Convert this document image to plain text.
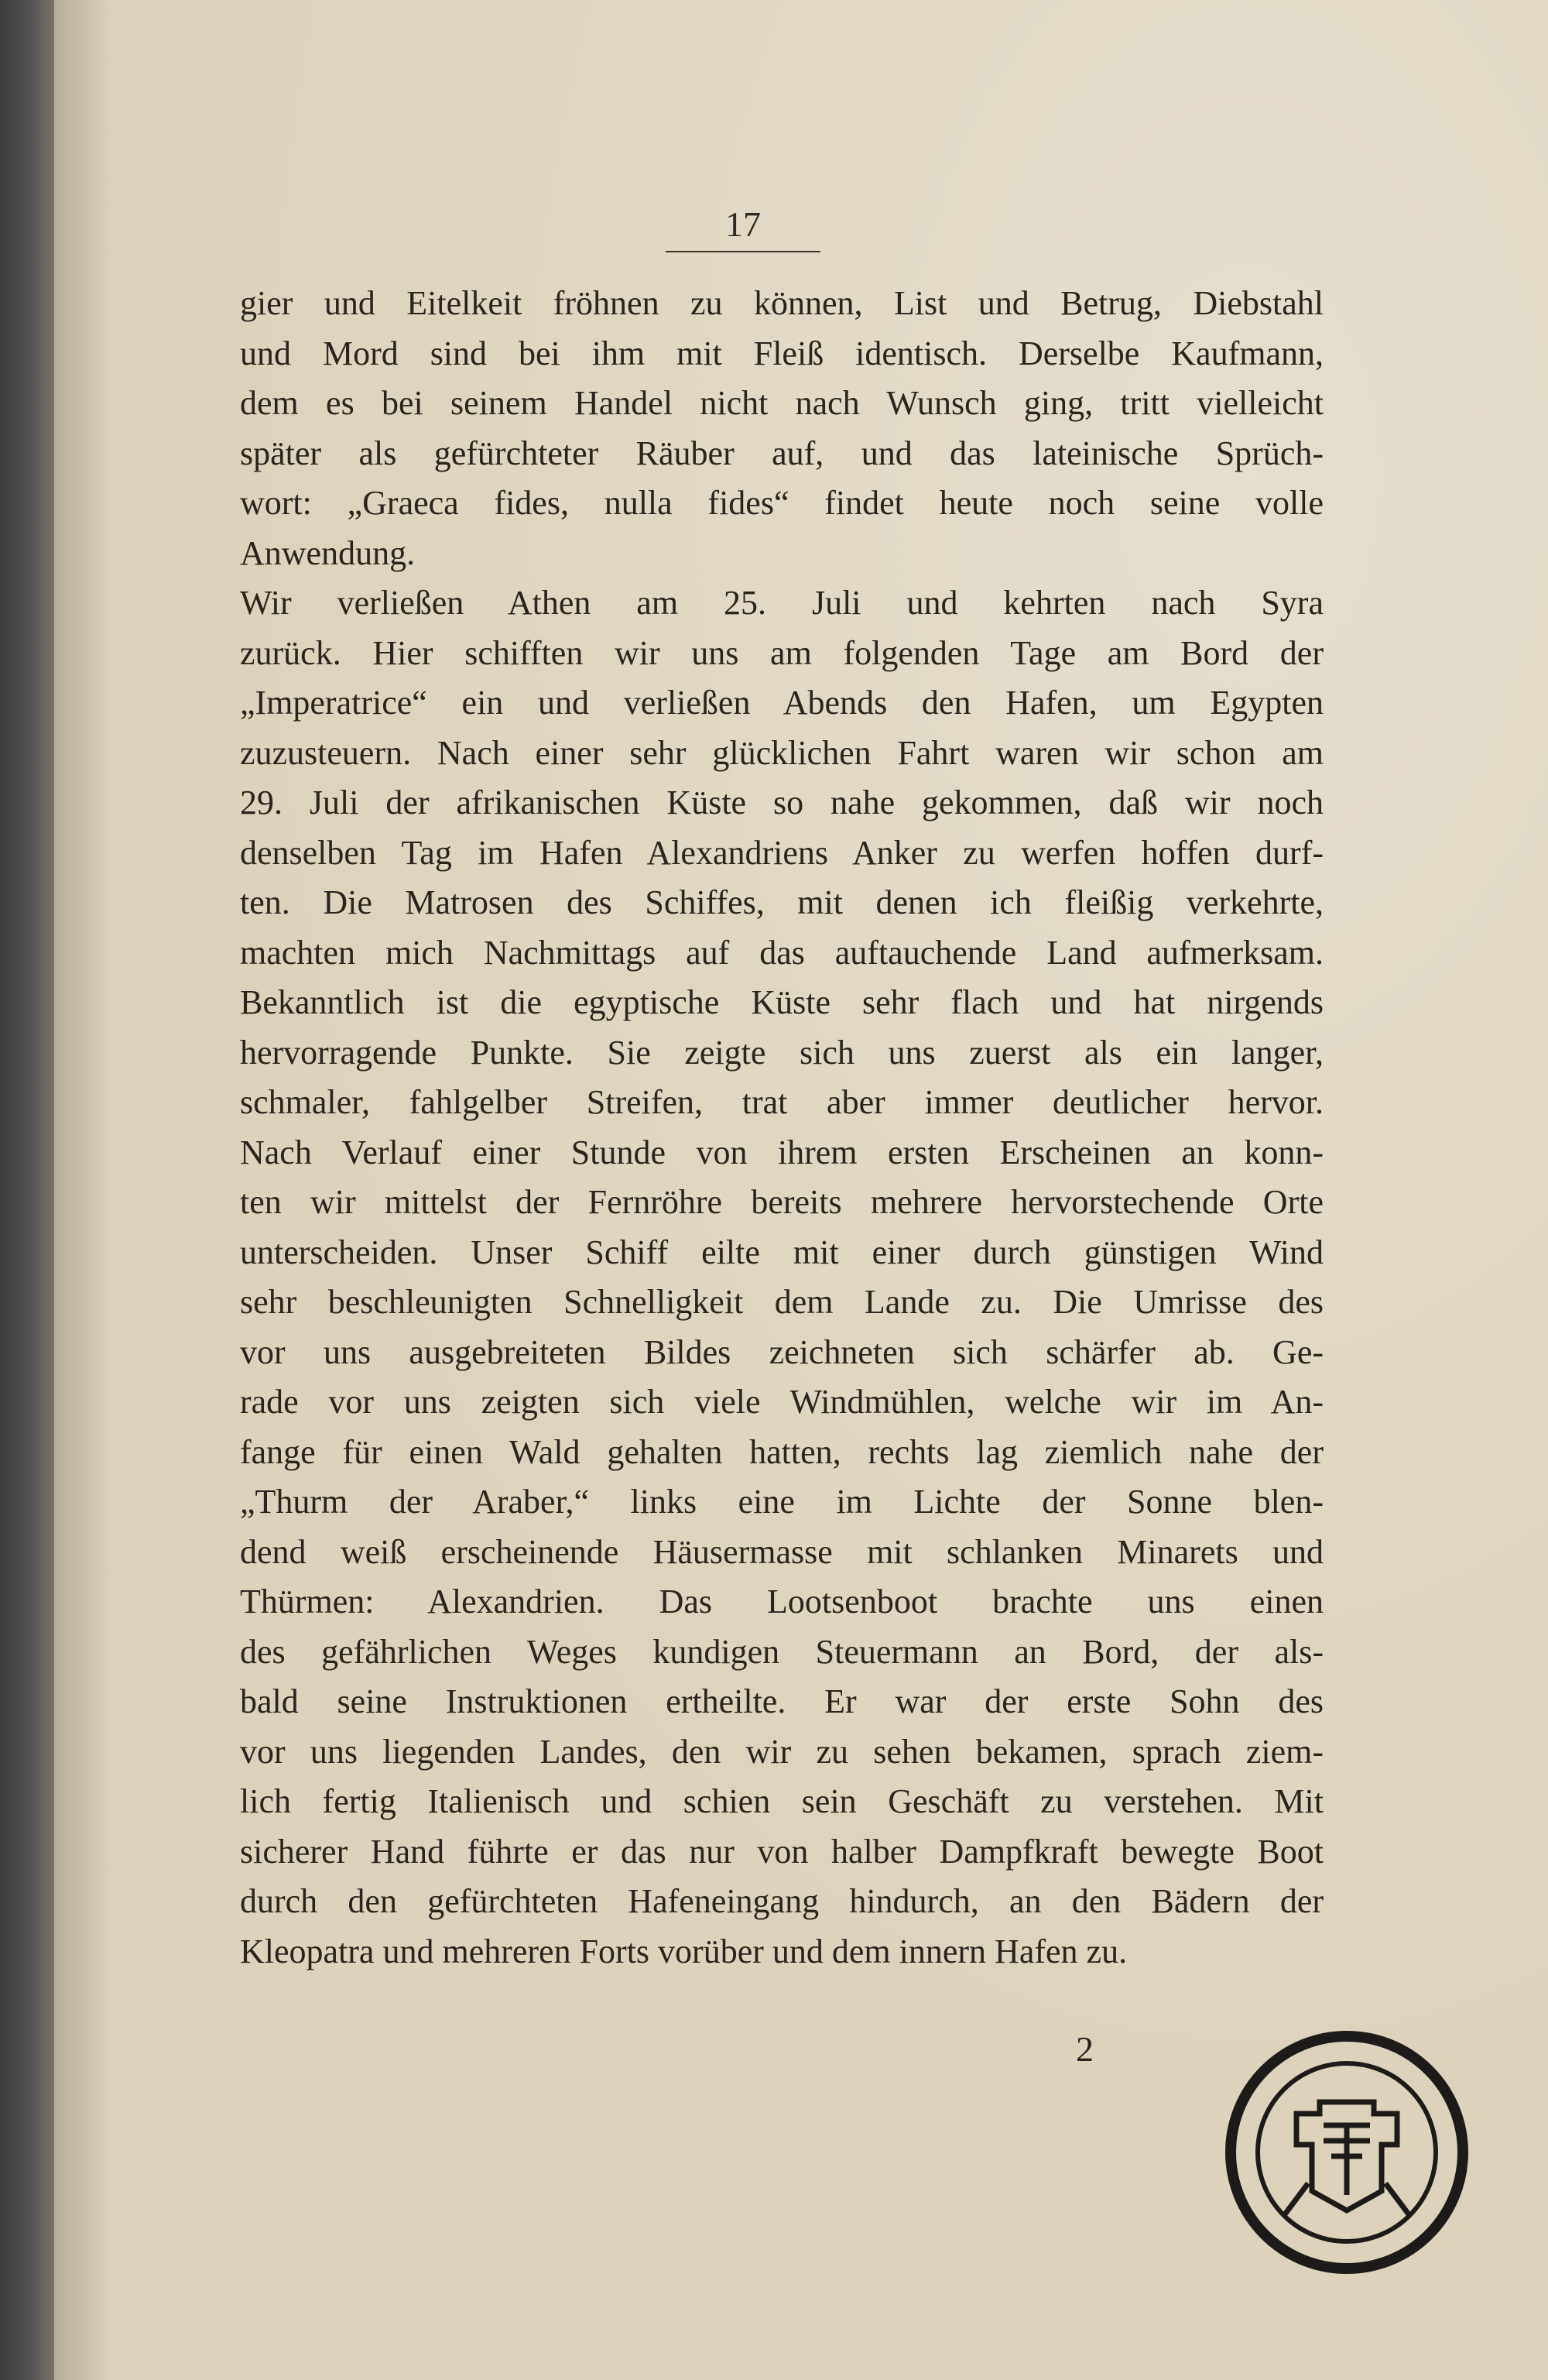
17
gier und Eitelkeit fröhnen zu können, List und Betrug, Diebstahl
und Mord sind bei ihm mit Fleiß identisch. Derselbe Kaufmann,
dem es bei seinem Handel nicht nach Wunsch ging, tritt vielleicht
später als gefürchteter Räuber auf, und das lateinische Sprüch-
wort: „Graeca fides, nulla fides“ findet heute noch seine volle
Anwendung.
Wir verließen Athen am 25. Juli und kehrten nach Syra
zurück. Hier schifften wir uns am folgenden Tage am Bord der
„Imperatrice“ ein und verließen Abends den Hafen, um Egypten
zuzusteuern. Nach einer sehr glücklichen Fahrt waren wir schon am
29. Juli der afrikanischen Küste so nahe gekommen, daß wir noch
denselben Tag im Hafen Alexandriens Anker zu werfen hoffen durf-
ten. Die Matrosen des Schiffes, mit denen ich fleißig verkehrte,
machten mich Nachmittags auf das auftauchende Land aufmerksam.
Bekanntlich ist die egyptische Küste sehr flach und hat nirgends
hervorragende Punkte. Sie zeigte sich uns zuerst als ein langer,
schmaler, fahlgelber Streifen, trat aber immer deutlicher hervor.
Nach Verlauf einer Stunde von ihrem ersten Erscheinen an konn-
ten wir mittelst der Fernröhre bereits mehrere hervorstechende Orte
unterscheiden. Unser Schiff eilte mit einer durch günstigen Wind
sehr beschleunigten Schnelligkeit dem Lande zu. Die Umrisse des
vor uns ausgebreiteten Bildes zeichneten sich schärfer ab. Ge-
rade vor uns zeigten sich viele Windmühlen, welche wir im An-
fange für einen Wald gehalten hatten, rechts lag ziemlich nahe der
„Thurm der Araber,“ links eine im Lichte der Sonne blen-
dend weiß erscheinende Häusermasse mit schlanken Minarets und
Thürmen: Alexandrien. Das Lootsenboot brachte uns einen
des gefährlichen Weges kundigen Steuermann an Bord, der als-
bald seine Instruktionen ertheilte. Er war der erste Sohn des
vor uns liegenden Landes, den wir zu sehen bekamen, sprach ziem-
lich fertig Italienisch und schien sein Geschäft zu verstehen. Mit
sicherer Hand führte er das nur von halber Dampfkraft bewegte Boot
durch den gefürchteten Hafeneingang hindurch, an den Bädern der
Kleopatra und mehreren Forts vorüber und dem innern Hafen zu.
2
